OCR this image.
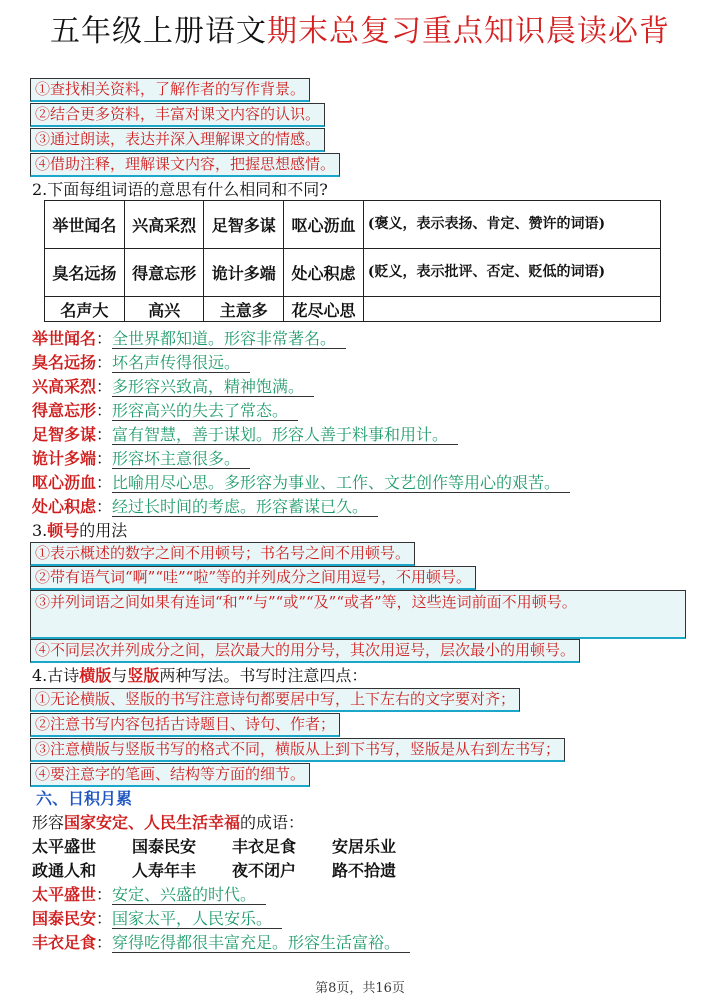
五年级上册语文期末总复习重点知识晨读必背
①查找相关资料，了解作者的写作背景。
②结合更多资料，丰富对课文内容的认识。
③通过朗读，表达并深入理解课文的情感。
④借助注释，理解课文内容，把握思想感情。
2.下面每组词语的意思有什么相同和不同?
举世闻名	兴高采烈	足智多谋	呕心沥血	(褒义，表示表扬、肯定、赞许的词语)
臭名远扬	得意忘形	诡计多端	处心积虑	(贬义，表示批评、否定、贬低的词语)
名声大	高兴	主意多	花尽心思	
举世闻名：全世界都知道。形容非常著名。
臭名远扬：坏名声传得很远。
兴高采烈：多形容兴致高，精神饱满。
得意忘形：形容高兴的失去了常态。
足智多谋：富有智慧，善于谋划。形容人善于料事和用计。
诡计多端：形容坏主意很多。
呕心沥血：比喻用尽心思。多形容为事业、工作、文艺创作等用心的艰苦。
处心积虑：经过长时间的考虑。形容蓄谋已久。
3.顿号的用法
①表示概述的数字之间不用顿号；书名号之间不用顿号。
②带有语气词“啊”“哇”“啦”等的并列成分之间用逗号，不用顿号。
③并列词语之间如果有连词“和”“与”“或”“及”“或者”等，这些连词前面不用顿号。
④不同层次并列成分之间，层次最大的用分号，其次用逗号，层次最小的用顿号。
4.古诗横版与竖版两种写法。书写时注意四点：
①无论横版、竖版的书写注意诗句都要居中写，上下左右的文字要对齐；
②注意书写内容包括古诗题目、诗句、作者；
③注意横版与竖版书写的格式不同，横版从上到下书写，竖版是从右到左书写；
④要注意字的笔画、结构等方面的细节。
六、日积月累
形容国家安定、人民生活幸福的成语：
太平盛世 国泰民安 丰衣足食 安居乐业
政通人和 人寿年丰 夜不闭户 路不拾遗
太平盛世：安定、兴盛的时代。
国泰民安：国家太平，人民安乐。
丰衣足食：穿得吃得都很丰富充足。形容生活富裕。
第8页，共16页
